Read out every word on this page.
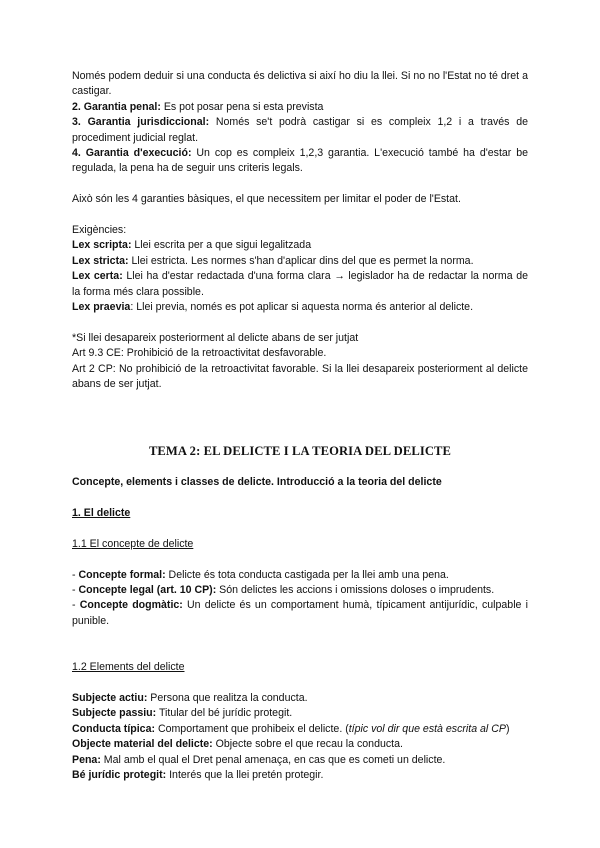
Només podem deduir si una conducta és delictiva si així ho diu la llei. Si no no l'Estat no té dret a castigar.

2. Garantia penal: Es pot posar pena si esta prevista

3. Garantia jurisdiccional: Només se't podrà castigar si es compleix 1,2 i a través de procediment judicial reglat.

4. Garantia d'execució: Un cop es compleix 1,2,3 garantia. L'execució també ha d'estar be regulada, la pena ha de seguir uns criteris legals.

Això són les 4 garanties bàsiques, el que necessitem per limitar el poder de l'Estat.

Exigències:

Lex scripta: Llei escrita per a que sigui legalitzada

Lex stricta: Llei estricta. Les normes s'han d'aplicar dins del que es permet la norma.

Lex certa: Llei ha d'estar redactada d'una forma clara → legislador ha de redactar la norma de la forma més clara possible.

Lex praevia: Llei previa, només es pot aplicar si aquesta norma és anterior al delicte.

*Si llei desapareix posteriorment al delicte abans de ser jutjat

Art 9.3 CE: Prohibició de la retroactivitat desfavorable.

Art 2 CP: No prohibició de la retroactivitat favorable. Si la llei desapareix posteriorment al delicte abans de ser jutjat.

TEMA 2: EL DELICTE I LA TEORIA DEL DELICTE

Concepte, elements i classes de delicte. Introducció a la teoria del delicte

1. El delicte

1.1 El concepte de delicte

- Concepte formal: Delicte és tota conducta castigada per la llei amb una pena.

- Concepte legal (art. 10 CP): Són delictes les accions i omissions doloses o imprudents.

- Concepte dogmàtic: Un delicte és un comportament humà, típicament antijurídic, culpable i punible.

1.2 Elements del delicte

Subjecte actiu: Persona que realitza la conducta.

Subjecte passiu: Titular del bé jurídic protegit.

Conducta típica: Comportament que prohibeix el delicte. (típic vol dir que està escrita al CP)

Objecte material del delicte: Objecte sobre el que recau la conducta.

Pena: Mal amb el qual el Dret penal amenaça, en cas que es cometi un delicte.

Bé jurídic protegit: Interés que la llei pretén protegir.
